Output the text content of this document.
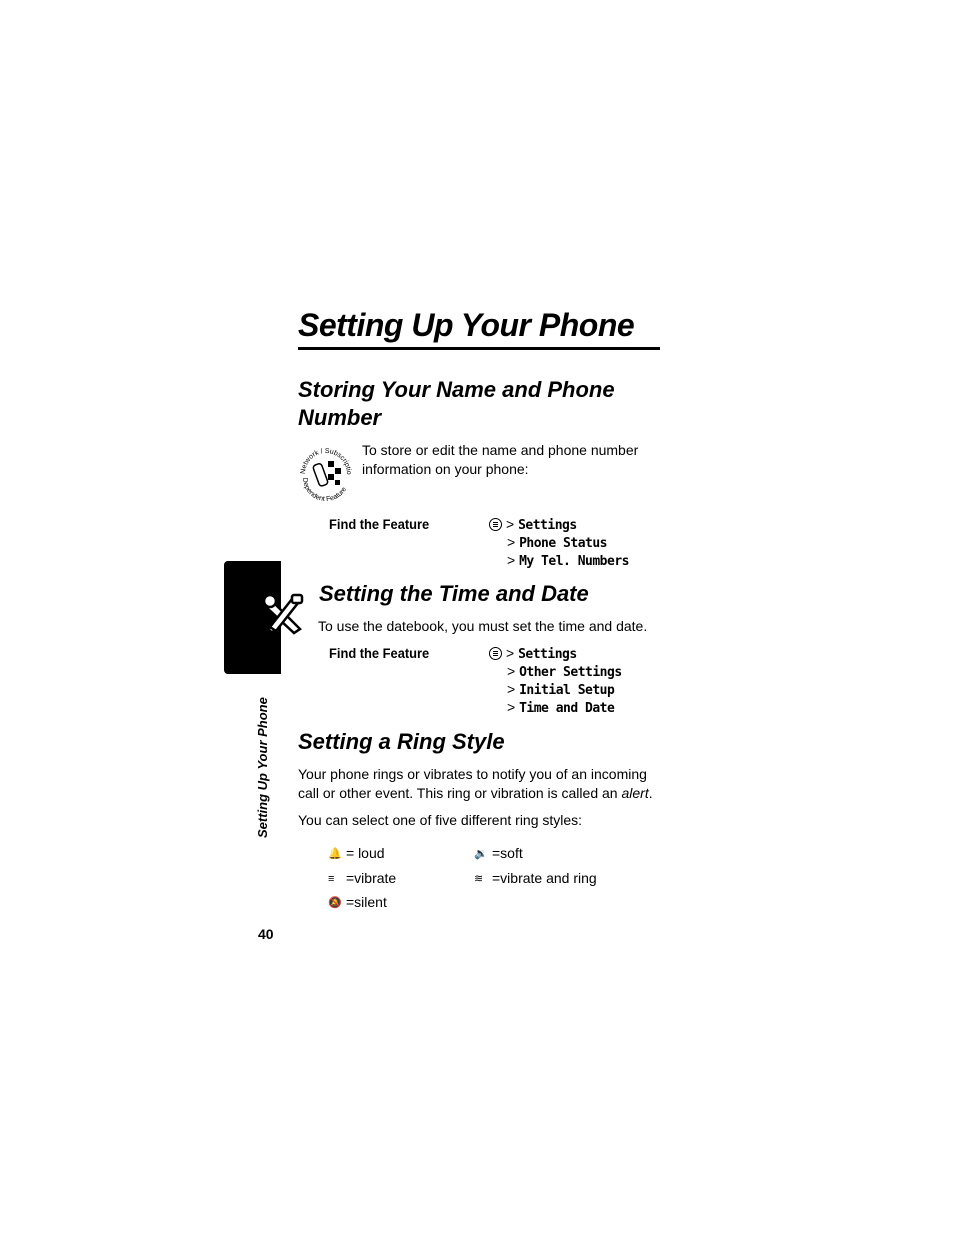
Setting Up Your Phone
Storing Your Name and Phone
Number
Network / Subscriptio
Dependent Feature
To store or edit the name and phone number
information on your phone:
Find the Feature	> Settings
> Phone Status
> My Tel. Numbers
Setting Up Your Phone
Setting the Time and Date
To use the datebook, you must set the time and date.
Find the Feature	> Settings
> Other Settings
> Initial Setup
> Time and Date
Setting a Ring Style
Your phone rings or vibrates to notify you of an incoming
call or other event. This ring or vibration is called an alert.
You can select one of five different ring styles:
🔔 = loud	🔉 =soft
≡ =vibrate	≋ =vibrate and ring
🔕 =silent
40
